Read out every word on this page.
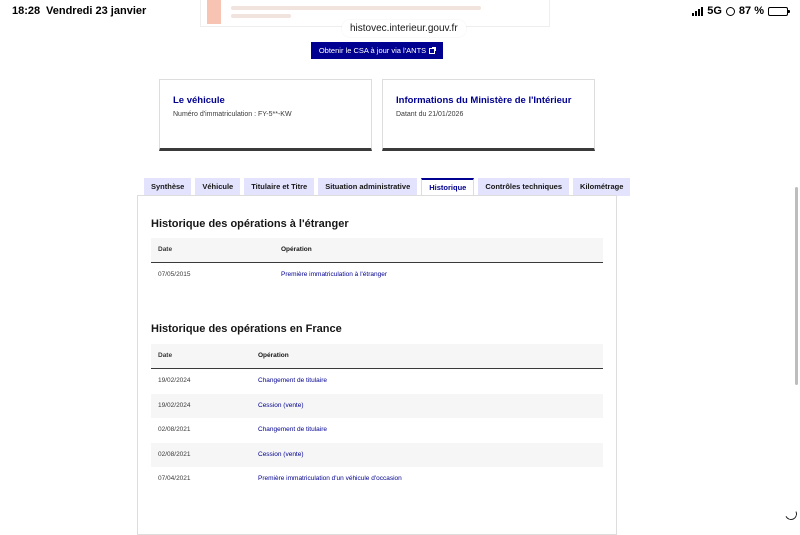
18:28 Vendredi 23 janvier	5G 87 %
histovec.interieur.gouv.fr
Obtenir le CSA à jour via l'ANTS
Le véhicule
Numéro d'immatriculation : FY-5**-KW
Informations du Ministère de l'Intérieur
Datant du 21/01/2026
Synthèse	Véhicule	Titulaire et Titre	Situation administrative	Historique	Contrôles techniques	Kilométrage
Historique des opérations à l'étranger
Date	Opération
07/05/2015	Première immatriculation à l'étranger
Historique des opérations en France
Date	Opération
19/02/2024	Changement de titulaire
19/02/2024	Cession (vente)
02/08/2021	Changement de titulaire
02/08/2021	Cession (vente)
07/04/2021	Première immatriculation d'un véhicule d'occasion
